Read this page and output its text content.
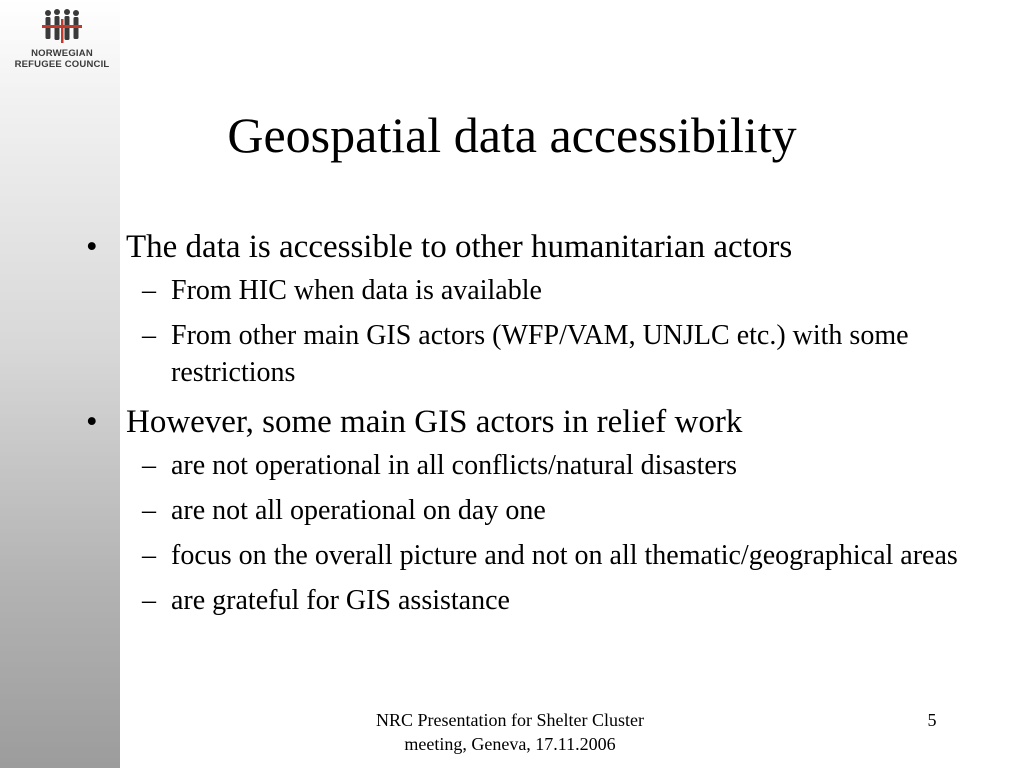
NORWEGIAN
REFUGEE COUNCIL
Geospatial data accessibility
• The data is accessible to other humanitarian actors
– From HIC when data is available
– From other main GIS actors (WFP/VAM, UNJLC etc.) with some restrictions
• However, some main GIS actors in relief work
– are not operational in all conflicts/natural disasters
– are not all operational on day one
– focus on the overall picture and not on all thematic/geographical areas
– are grateful for GIS assistance
NRC Presentation for Shelter Cluster
meeting, Geneva, 17.11.2006
5
